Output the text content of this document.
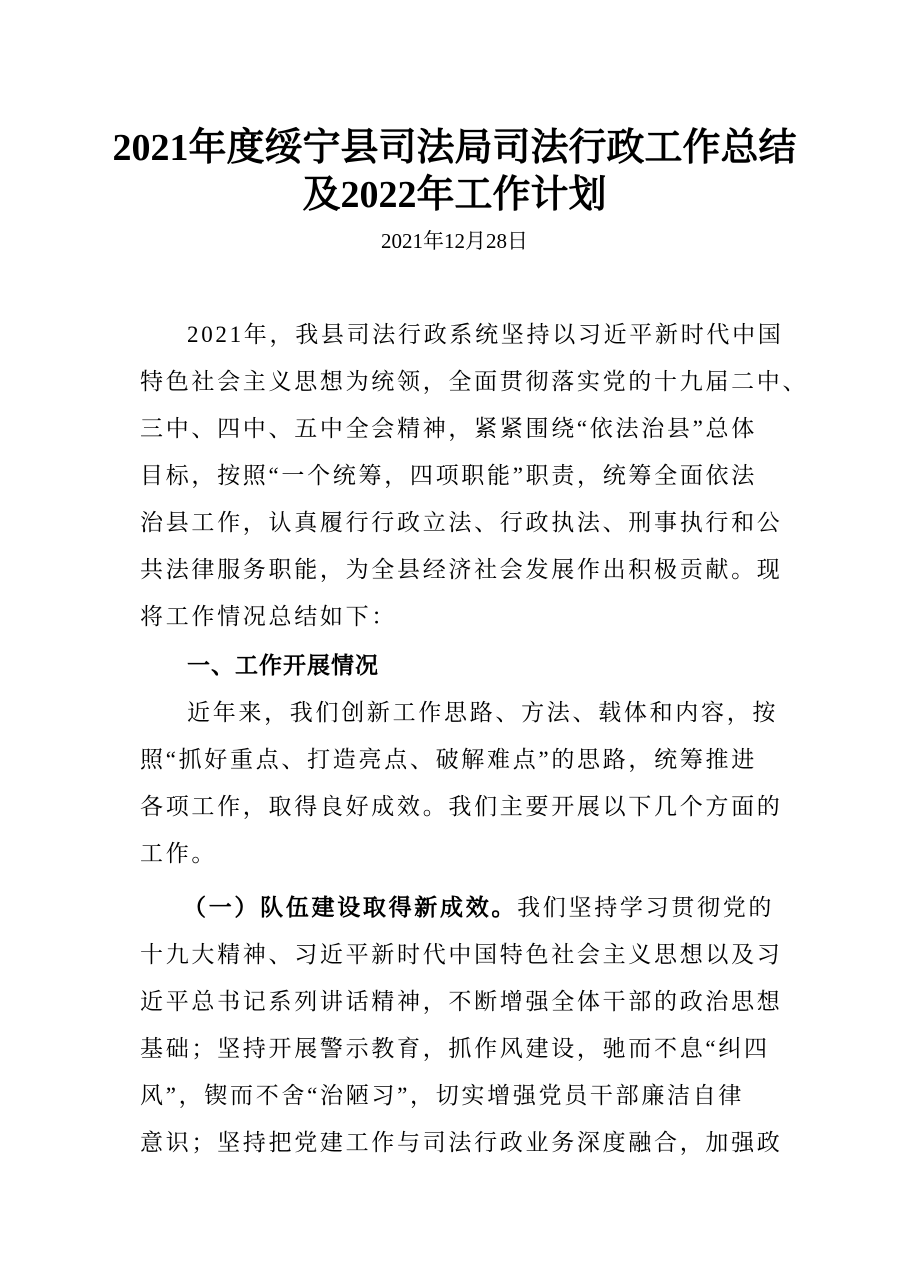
2021年度绥宁县司法局司法行政工作总结
及2022年工作计划
2021年12月28日
2021年，我县司法行政系统坚持以习近平新时代中国
特色社会主义思想为统领，全面贯彻落实党的十九届二中、
三中、四中、五中全会精神，紧紧围绕“依法治县”总体
目标，按照“一个统筹，四项职能”职责，统筹全面依法
治县工作，认真履行行政立法、行政执法、刑事执行和公
共法律服务职能，为全县经济社会发展作出积极贡献。现
将工作情况总结如下：
一、工作开展情况
近年来，我们创新工作思路、方法、载体和内容，按
照“抓好重点、打造亮点、破解难点”的思路，统筹推进
各项工作，取得良好成效。我们主要开展以下几个方面的
工作。
（一）队伍建设取得新成效。我们坚持学习贯彻党的
十九大精神、习近平新时代中国特色社会主义思想以及习
近平总书记系列讲话精神，不断增强全体干部的政治思想
基础；坚持开展警示教育，抓作风建设，驰而不息“纠四
风”，锲而不舍“治陋习”，切实增强党员干部廉洁自律
意识；坚持把党建工作与司法行政业务深度融合，加强政
